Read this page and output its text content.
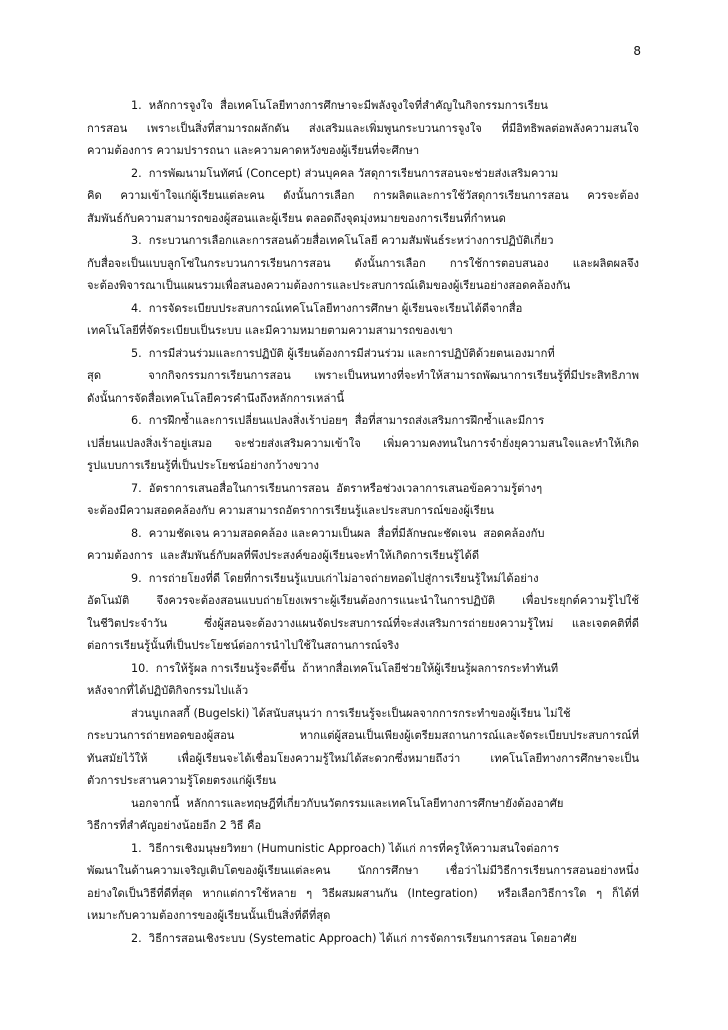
8
1.  หลักการจูงใจ  สื่อเทคโนโลยีทางการศึกษาจะมีพลังจูงใจที่สำคัญในกิจกรรมการเรียน
การสอน เพราะเป็นสิ่งที่สามารถผลักดัน ส่งเสริมและเพิ่มพูนกระบวนการจูงใจ ที่มีอิทธิพลต่อพลังความสนใจ
ความต้องการ ความปรารถนา และความคาดหวังของผู้เรียนที่จะศึกษา
2.  การพัฒนามโนทัศน์ (Concept) ส่วนบุคคล วัสดุการเรียนการสอนจะช่วยส่งเสริมความ
คิด ความเข้าใจแก่ผู้เรียนแต่ละคน ดังนั้นการเลือก การผลิตและการใช้วัสดุการเรียนการสอน ควรจะต้อง
สัมพันธ์กับความสามารถของผู้สอนและผู้เรียน ตลอดถึงจุดมุ่งหมายของการเรียนที่กำหนด
3.  กระบวนการเลือกและการสอนด้วยสื่อเทคโนโลยี ความสัมพันธ์ระหว่างการปฏิบัติเกี่ยว
กับสื่อจะเป็นแบบลูกโซ่ในกระบวนการเรียนการสอน ดังนั้นการเลือก การใช้การตอบสนอง และผลิตผลจึง
จะต้องพิจารณาเป็นแผนรวมเพื่อสนองความต้องการและประสบการณ์เดิมของผู้เรียนอย่างสอดคล้องกัน
4.  การจัดระเบียบประสบการณ์เทคโนโลยีทางการศึกษา ผู้เรียนจะเรียนได้ดีจากสื่อ
เทคโนโลยีที่จัดระเบียบเป็นระบบ และมีความหมายตามความสามารถของเขา
5.  การมีส่วนร่วมและการปฏิบัติ ผู้เรียนต้องการมีส่วนร่วม และการปฏิบัติด้วยตนเองมากที่
สุด  จากกิจกรรมการเรียนการสอน เพราะเป็นหนทางที่จะทำให้สามารถพัฒนาการเรียนรู้ที่มีประสิทธิภาพ
ดังนั้นการจัดสื่อเทคโนโลยีควรคำนึงถึงหลักการเหล่านี้
6.  การฝึกซ้ำและการเปลี่ยนแปลงสิ่งเร้าบ่อยๆ  สื่อที่สามารถส่งเสริมการฝึกซ้ำและมีการ
เปลี่ยนแปลงสิ่งเร้าอยู่เสมอ จะช่วยส่งเสริมความเข้าใจ เพิ่มความคงทนในการจำยั่งยุความสนใจและทำให้เกิด
รูปแบบการเรียนรู้ที่เป็นประโยชน์อย่างกว้างขวาง
7.  อัตราการเสนอสื่อในการเรียนการสอน  อัตราหรือช่วงเวลาการเสนอข้อความรู้ต่างๆ
จะต้องมีความสอดคล้องกับ ความสามารถอัตราการเรียนรู้และประสบการณ์ของผู้เรียน
8.  ความชัดเจน ความสอดคล้อง และความเป็นผล  สื่อที่มีลักษณะชัดเจน  สอดคล้องกับ
ความต้องการ  และสัมพันธ์กับผลที่พึงประสงค์ของผู้เรียนจะทำให้เกิดการเรียนรู้ได้ดี
9.  การถ่ายโยงที่ดี โดยที่การเรียนรู้แบบเก่าไม่อาจถ่ายทอดไปสู่การเรียนรู้ใหม่ได้อย่าง
อัตโนมัติ  จึงควรจะต้องสอนแบบถ่ายโยงเพราะผู้เรียนต้องการแนะนำในการปฏิบัติ  เพื่อประยุกต์ความรู้ไปใช้
ในชีวิตประจำวัน  ซึ่งผู้สอนจะต้องวางแผนจัดประสบการณ์ที่จะส่งเสริมการถ่ายยงความรู้ใหม่ และเจตคติที่ดี
ต่อการเรียนรู้นั้นที่เป็นประโยชน์ต่อการนำไปใช้ในสถานการณ์จริง
10.  การให้รู้ผล การเรียนรู้จะดีขึ้น  ถ้าหากสื่อเทคโนโลยีช่วยให้ผู้เรียนรู้ผลการกระทำทันที
หลังจากที่ได้ปฏิบัติกิจกรรมไปแล้ว
ส่วนบูเกลสกี้ (Bugelski) ได้สนับสนุนว่า การเรียนรู้จะเป็นผลจากการกระทำของผู้เรียน ไม่ใช้
กระบวนการถ่ายทอดของผู้สอน หากแต่ผู้สอนเป็นเพียงผู้เตรียมสถานการณ์และจัดระเบียบประสบการณ์ที่
ทันสมัยไว้ให้  เพื่อผู้เรียนจะได้เชื่อมโยงความรู้ใหม่ได้สะดวกซึ่งหมายถึงว่า  เทคโนโลยีทางการศึกษาจะเป็น
ตัวการประสานความรู้โดยตรงแก่ผู้เรียน
นอกจากนี้  หลักการและทฤษฎีที่เกี่ยวกับนวัตกรรมและเทคโนโลยีทางการศึกษายังต้องอาศัย
วิธีการที่สำคัญอย่างน้อยอีก 2 วิธี คือ
1.  วิธีการเชิงมนุษยวิทยา (Humunistic Approach) ได้แก่ การที่ครูให้ความสนใจต่อการ
พัฒนาในด้านความเจริญเติบโตของผู้เรียนแต่ละคน นักการศึกษา เชื่อว่าไม่มีวิธีการเรียนการสอนอย่างหนึ่ง
อย่างใดเป็นวิธีที่ดีที่สุด หากแต่การใช้หลาย ๆ วิธีผสมผสานกัน (Integration)  หรือเลือกวิธีการใด ๆ ก็ได้ที่
เหมาะกับความต้องการของผู้เรียนนั้นเป็นสิ่งที่ดีที่สุด
2.  วิธีการสอนเชิงระบบ (Systematic Approach) ได้แก่ การจัดการเรียนการสอน โดยอาศัย
